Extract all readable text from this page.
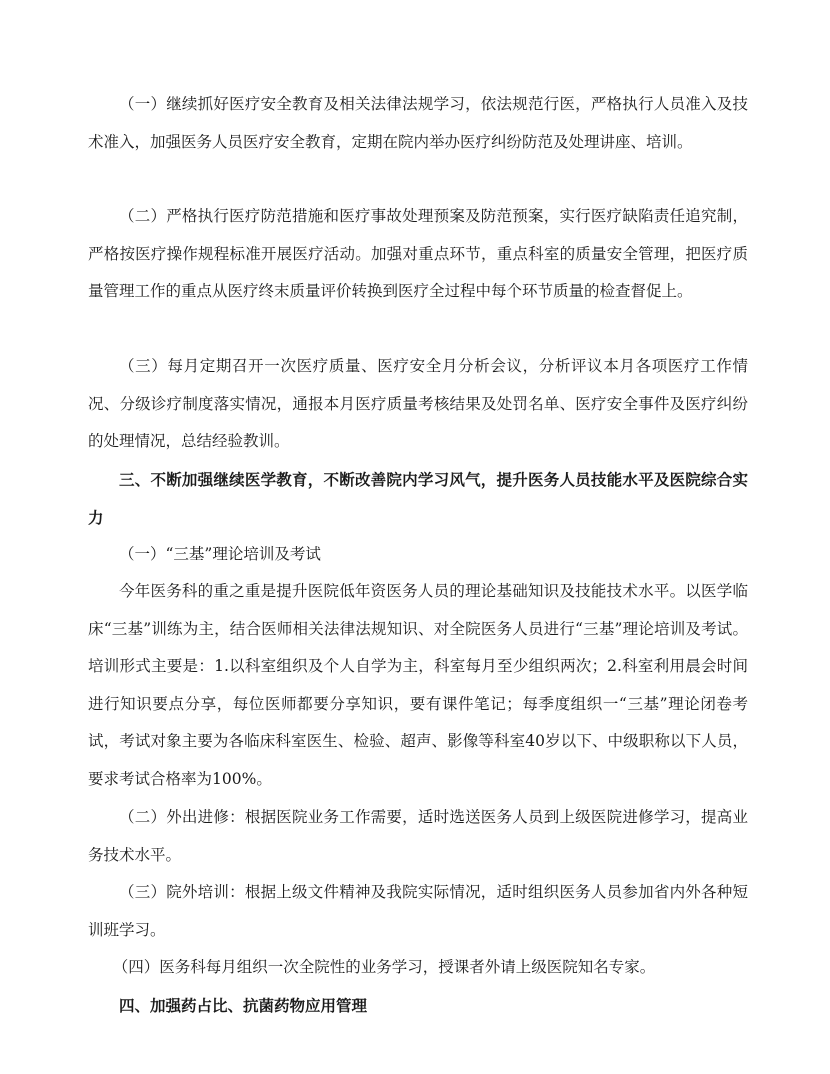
（一）继续抓好医疗安全教育及相关法律法规学习，依法规范行医，严格执行人员准入及技术准入，加强医务人员医疗安全教育，定期在院内举办医疗纠纷防范及处理讲座、培训。

（二）严格执行医疗防范措施和医疗事故处理预案及防范预案，实行医疗缺陷责任追究制，严格按医疗操作规程标准开展医疗活动。加强对重点环节，重点科室的质量安全管理，把医疗质量管理工作的重点从医疗终末质量评价转换到医疗全过程中每个环节质量的检查督促上。

（三）每月定期召开一次医疗质量、医疗安全月分析会议，分析评议本月各项医疗工作情况、分级诊疗制度落实情况，通报本月医疗质量考核结果及处罚名单、医疗安全事件及医疗纠纷的处理情况，总结经验教训。

三、不断加强继续医学教育，不断改善院内学习风气，提升医务人员技能水平及医院综合实力

（一）“三基”理论培训及考试

今年医务科的重之重是提升医院低年资医务人员的理论基础知识及技能技术水平。以医学临床“三基”训练为主，结合医师相关法律法规知识、对全院医务人员进行“三基”理论培训及考试。培训形式主要是：1.以科室组织及个人自学为主，科室每月至少组织两次；2.科室利用晨会时间进行知识要点分享，每位医师都要分享知识，要有课件笔记；每季度组织一“三基”理论闭卷考试，考试对象主要为各临床科室医生、检验、超声、影像等科室40岁以下、中级职称以下人员，要求考试合格率为100%。

（二）外出进修：根据医院业务工作需要，适时选送医务人员到上级医院进修学习，提高业务技术水平。

（三）院外培训：根据上级文件精神及我院实际情况，适时组织医务人员参加省内外各种短训班学习。

（四）医务科每月组织一次全院性的业务学习，授课者外请上级医院知名专家。

四、加强药占比、抗菌药物应用管理
